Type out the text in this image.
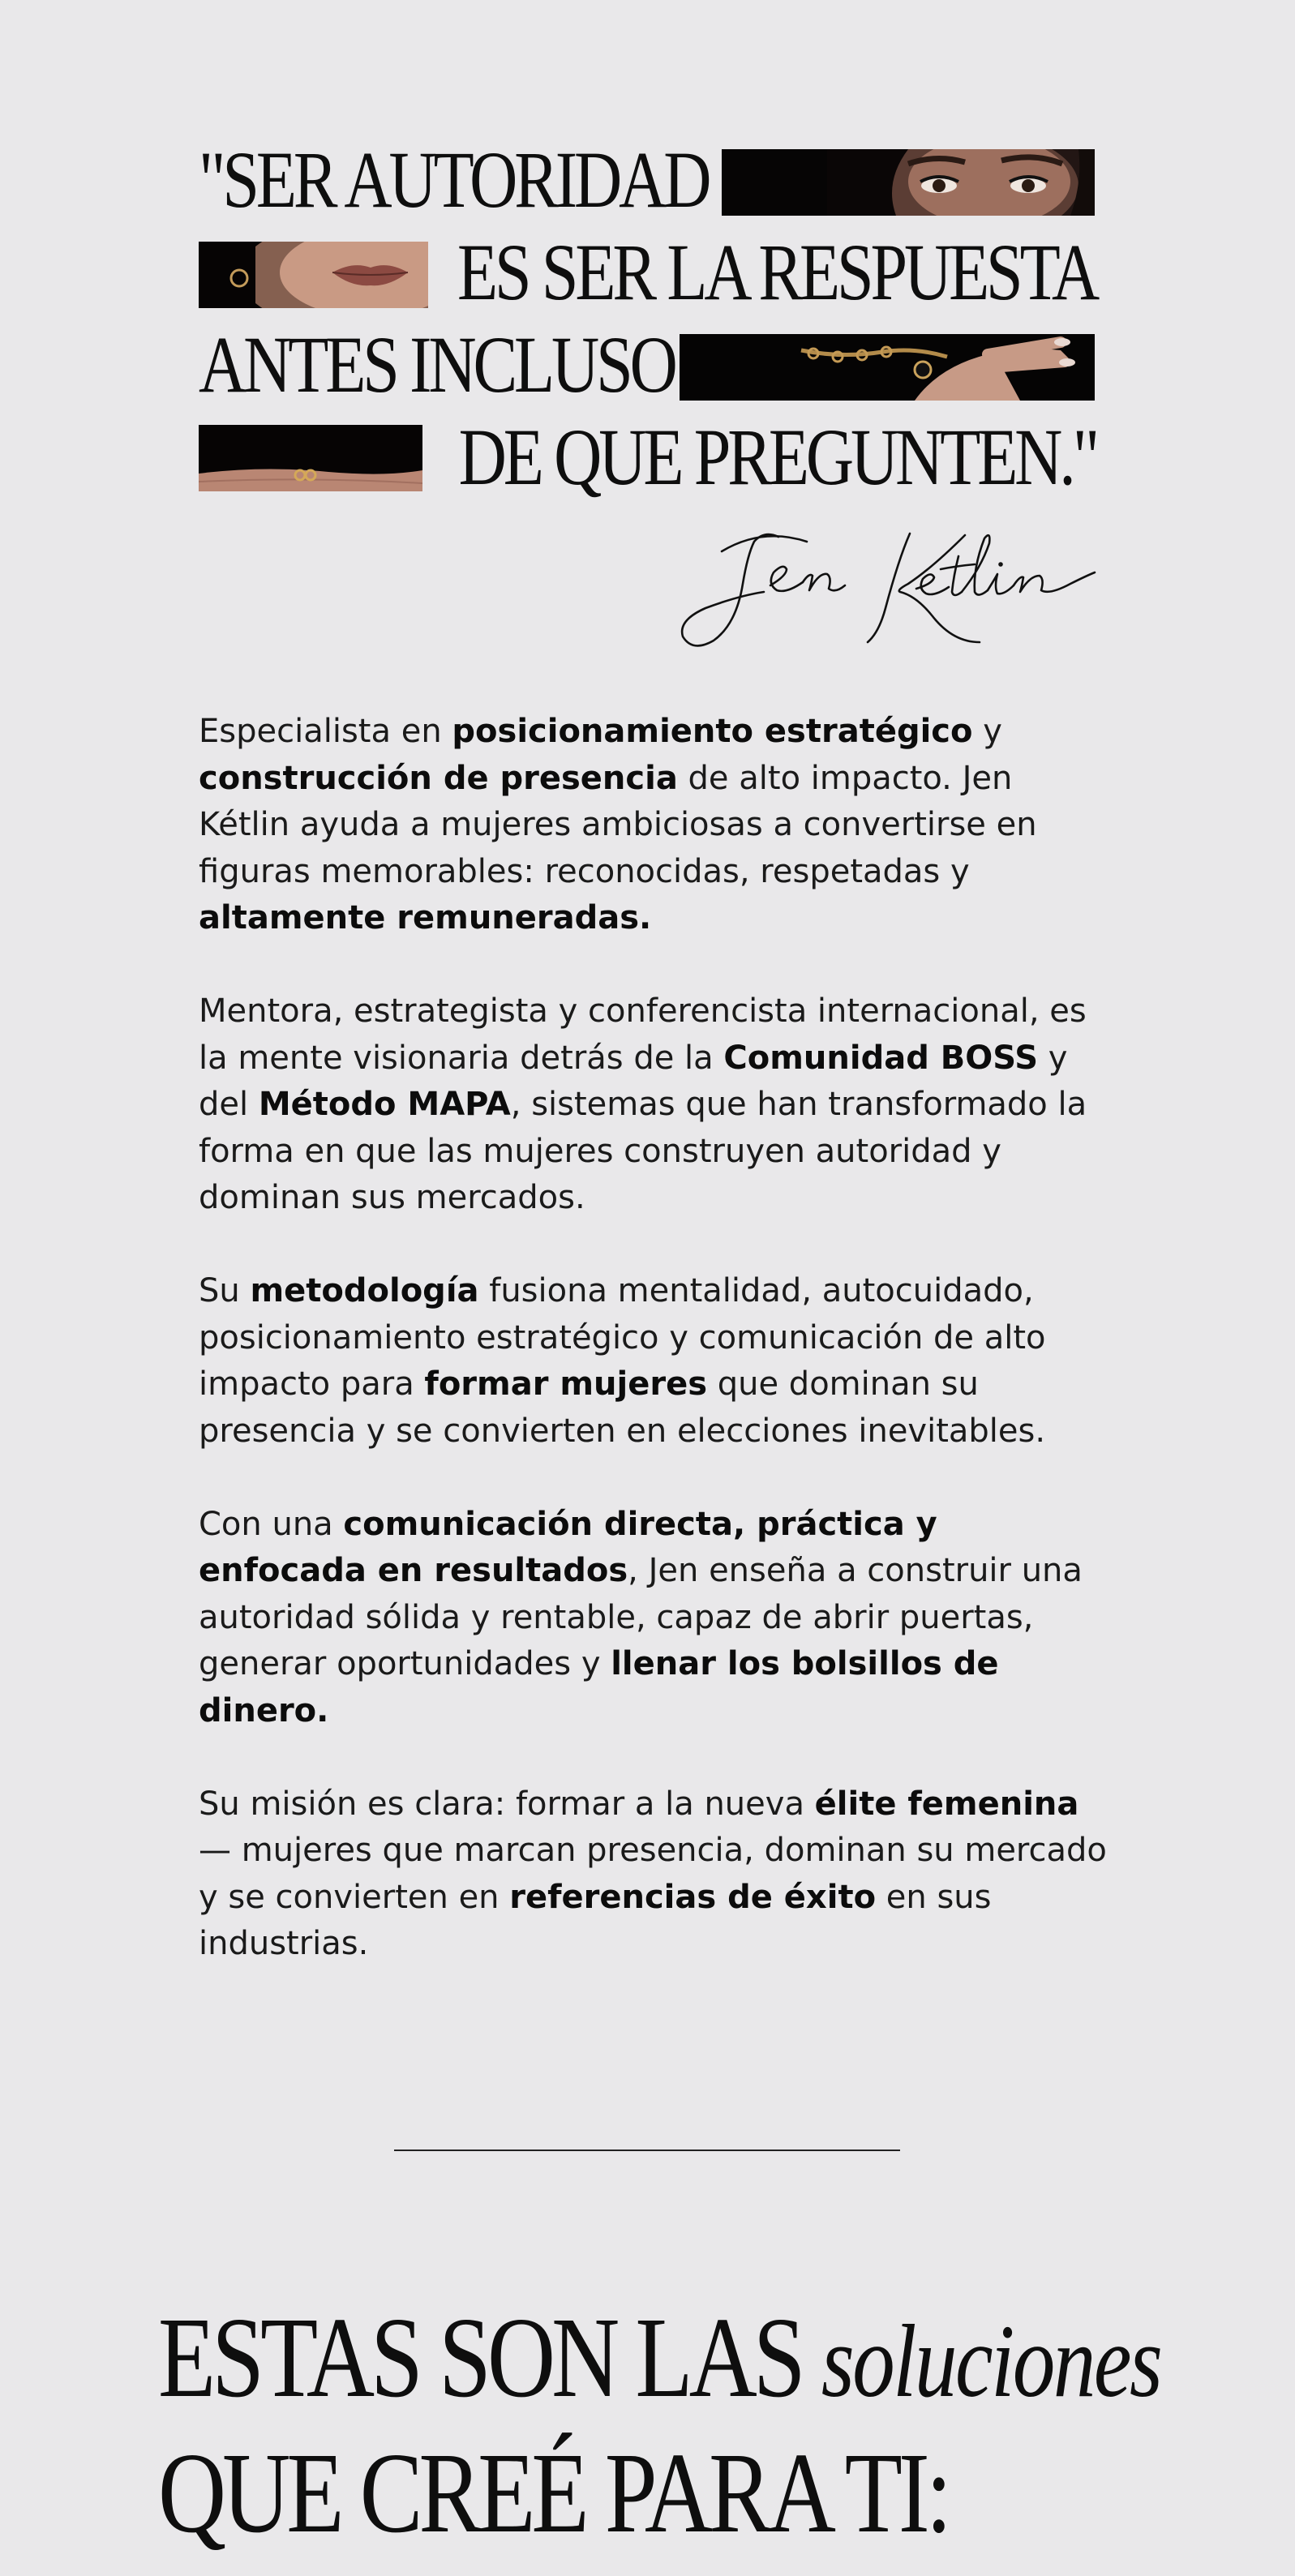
"SER AUTORIDAD
ES SER LA RESPUESTA
ANTES INCLUSO
DE QUE PREGUNTEN."

Especialista en posicionamiento estratégico y construcción de presencia de alto impacto. Jen Kétlin ayuda a mujeres ambiciosas a convertirse en figuras memorables: reconocidas, respetadas y altamente remuneradas.

Mentora, estrategista y conferencista internacional, es la mente visionaria detrás de la Comunidad BOSS y del Método MAPA, sistemas que han transformado la forma en que las mujeres construyen autoridad y dominan sus mercados.

Su metodología fusiona mentalidad, autocuidado, posicionamiento estratégico y comunicación de alto impacto para formar mujeres que dominan su presencia y se convierten en elecciones inevitables.

Con una comunicación directa, práctica y enfocada en resultados, Jen enseña a construir una autoridad sólida y rentable, capaz de abrir puertas, generar oportunidades y llenar los bolsillos de dinero.

Su misión es clara: formar a la nueva élite femenina — mujeres que marcan presencia, dominan su mercado y se convierten en referencias de éxito en sus industrias.

ESTAS SON LAS soluciones
QUE CREÉ PARA TI:
